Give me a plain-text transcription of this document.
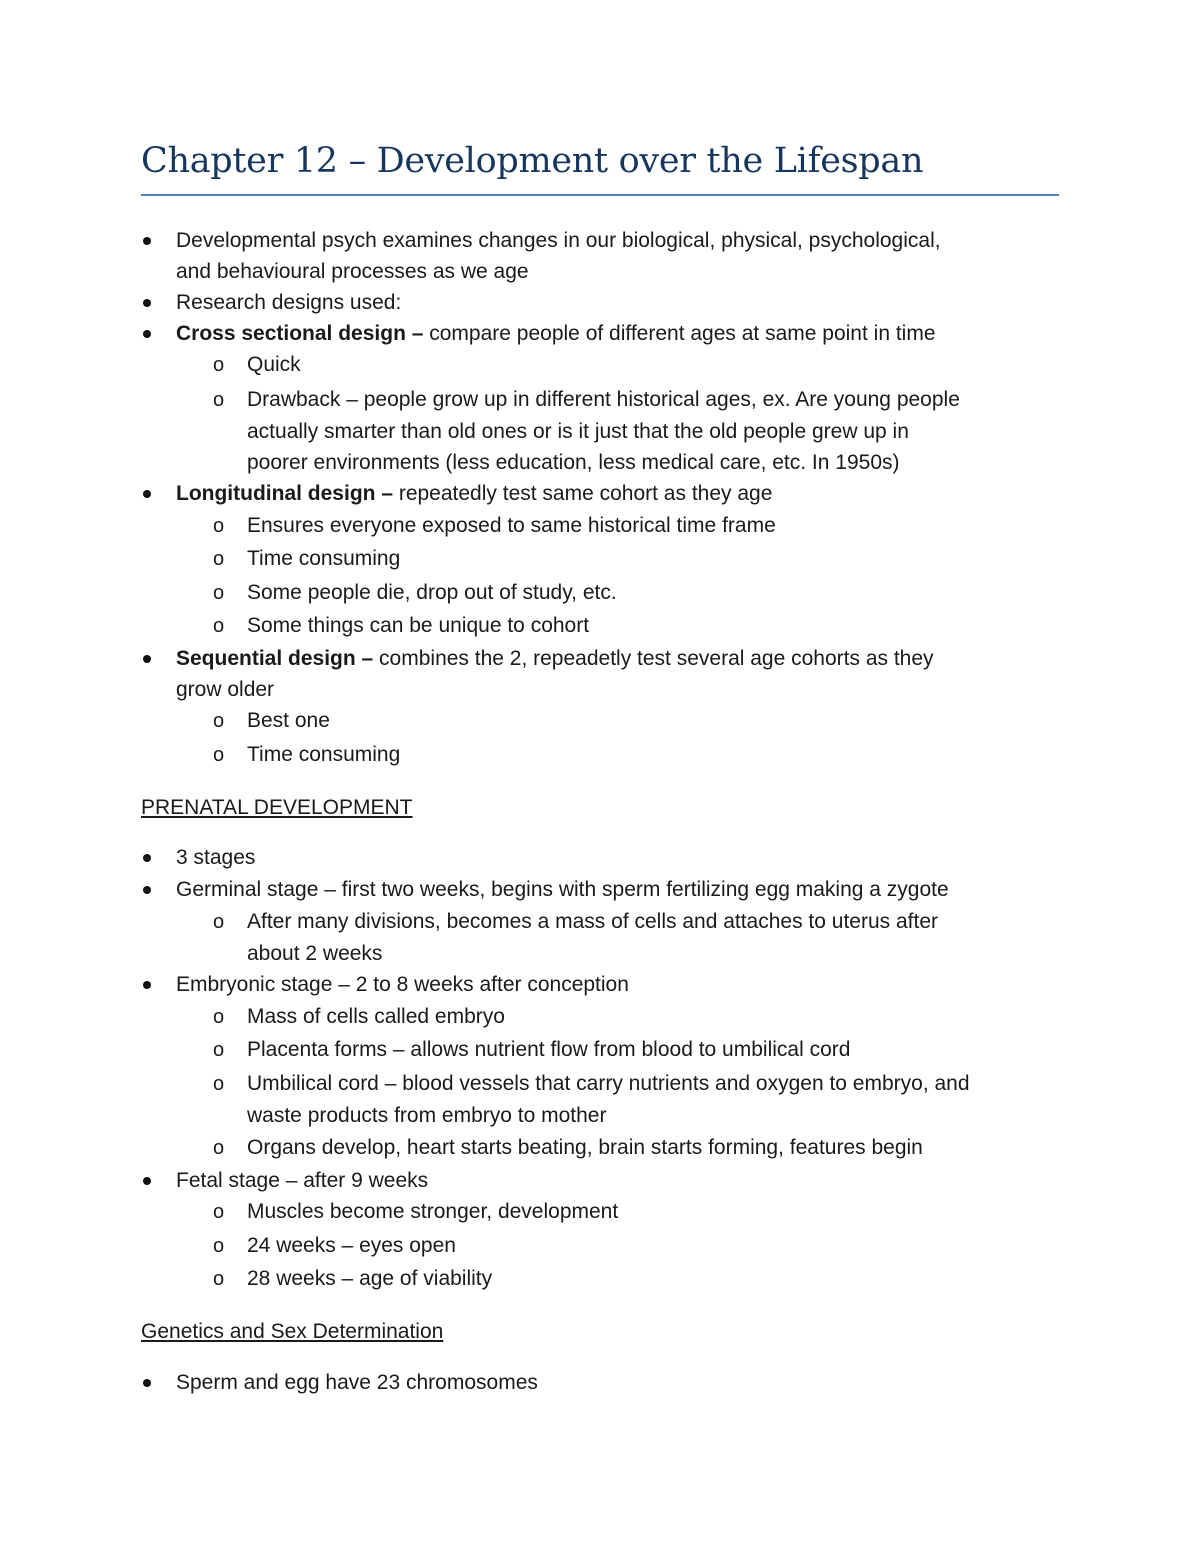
Chapter 12 – Development over the Lifespan
Developmental psych examines changes in our biological, physical, psychological,
and behavioural processes as we age
Research designs used:
Cross sectional design – compare people of different ages at same point in time
o Quick
o Drawback – people grow up in different historical ages, ex. Are young people
actually smarter than old ones or is it just that the old people grew up in
poorer environments (less education, less medical care, etc. In 1950s)
Longitudinal design – repeatedly test same cohort as they age
o Ensures everyone exposed to same historical time frame
o Time consuming
o Some people die, drop out of study, etc.
o Some things can be unique to cohort
Sequential design – combines the 2, repeadetly test several age cohorts as they
grow older
o Best one
o Time consuming
PRENATAL DEVELOPMENT
3 stages
Germinal stage – first two weeks, begins with sperm fertilizing egg making a zygote
o After many divisions, becomes a mass of cells and attaches to uterus after
about 2 weeks
Embryonic stage – 2 to 8 weeks after conception
o Mass of cells called embryo
o Placenta forms – allows nutrient flow from blood to umbilical cord
o Umbilical cord – blood vessels that carry nutrients and oxygen to embryo, and
waste products from embryo to mother
o Organs develop, heart starts beating, brain starts forming, features begin
Fetal stage – after 9 weeks
o Muscles become stronger, development
o 24 weeks – eyes open
o 28 weeks – age of viability
Genetics and Sex Determination
Sperm and egg have 23 chromosomes
